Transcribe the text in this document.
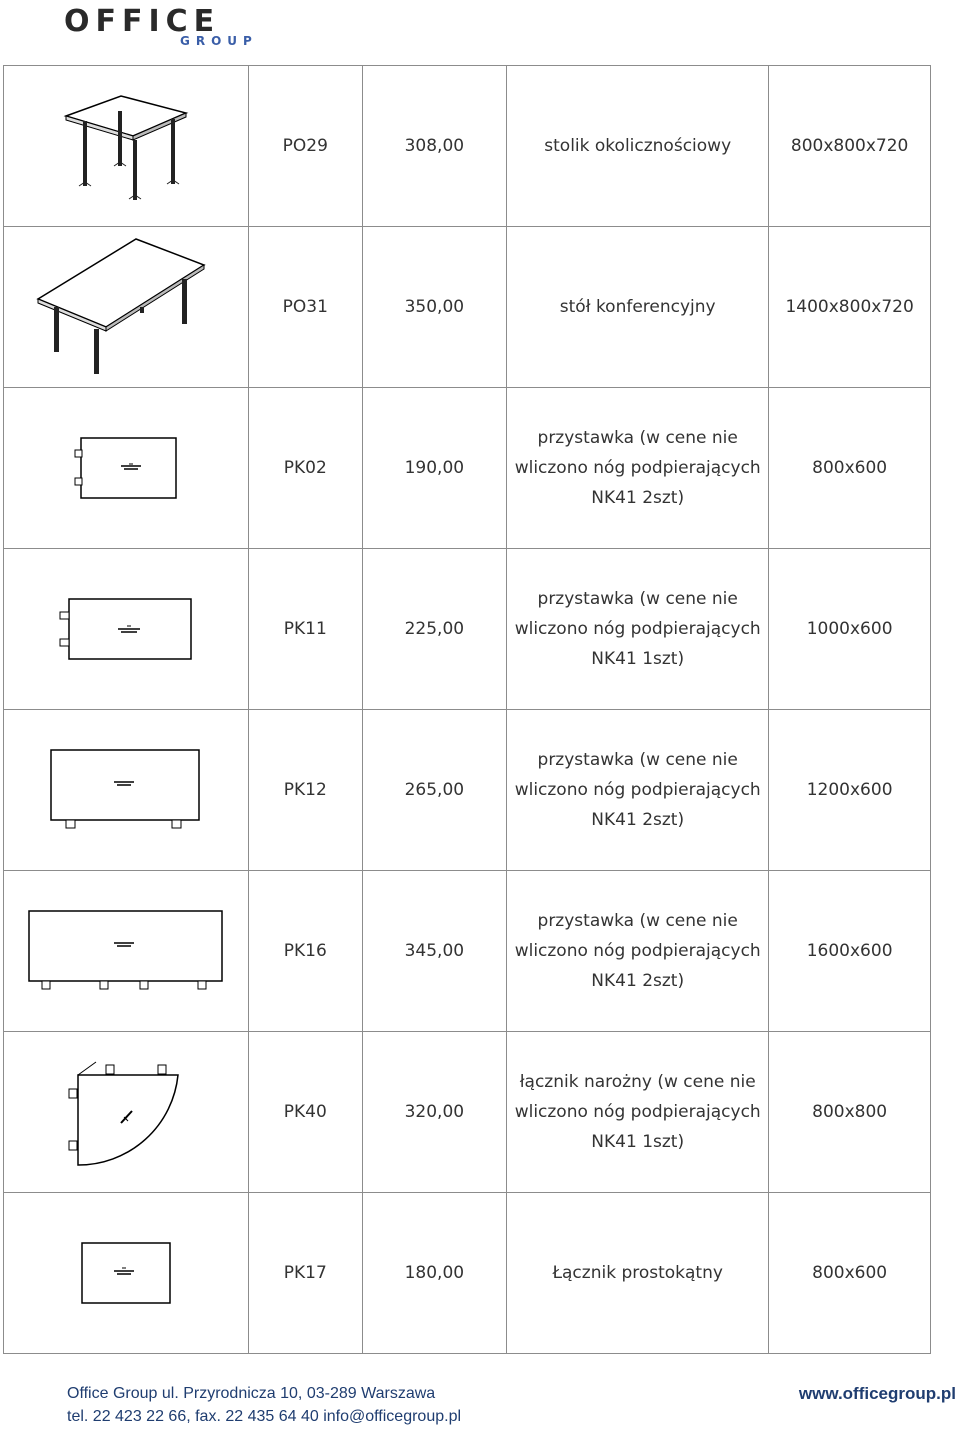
OFFICE
GROUP
	PO29	308,00	stolik okolicznościowy	800x800x720

	PO31	350,00	stół konferencyjny	1400x800x720

	PK02	190,00	przystawka (w cene nie
wliczono nóg podpierających
NK41 2szt)	800x600

	PK11	225,00	przystawka (w cene nie
wliczono nóg podpierających
NK41 1szt)	1000x600

	PK12	265,00	przystawka (w cene nie
wliczono nóg podpierających
NK41 2szt)	1200x600

	PK16	345,00	przystawka (w cene nie
wliczono nóg podpierających
NK41 2szt)	1600x600

	PK40	320,00	łącznik narożny (w cene nie
wliczono nóg podpierających
NK41 1szt)	800x800

	PK17	180,00	Łącznik prostokątny	800x600
Office Group ul. Przyrodnicza 10, 03-289 Warszawa
tel. 22 423 22 66, fax. 22 435 64 40 info@officegroup.pl
www.officegroup.pl
